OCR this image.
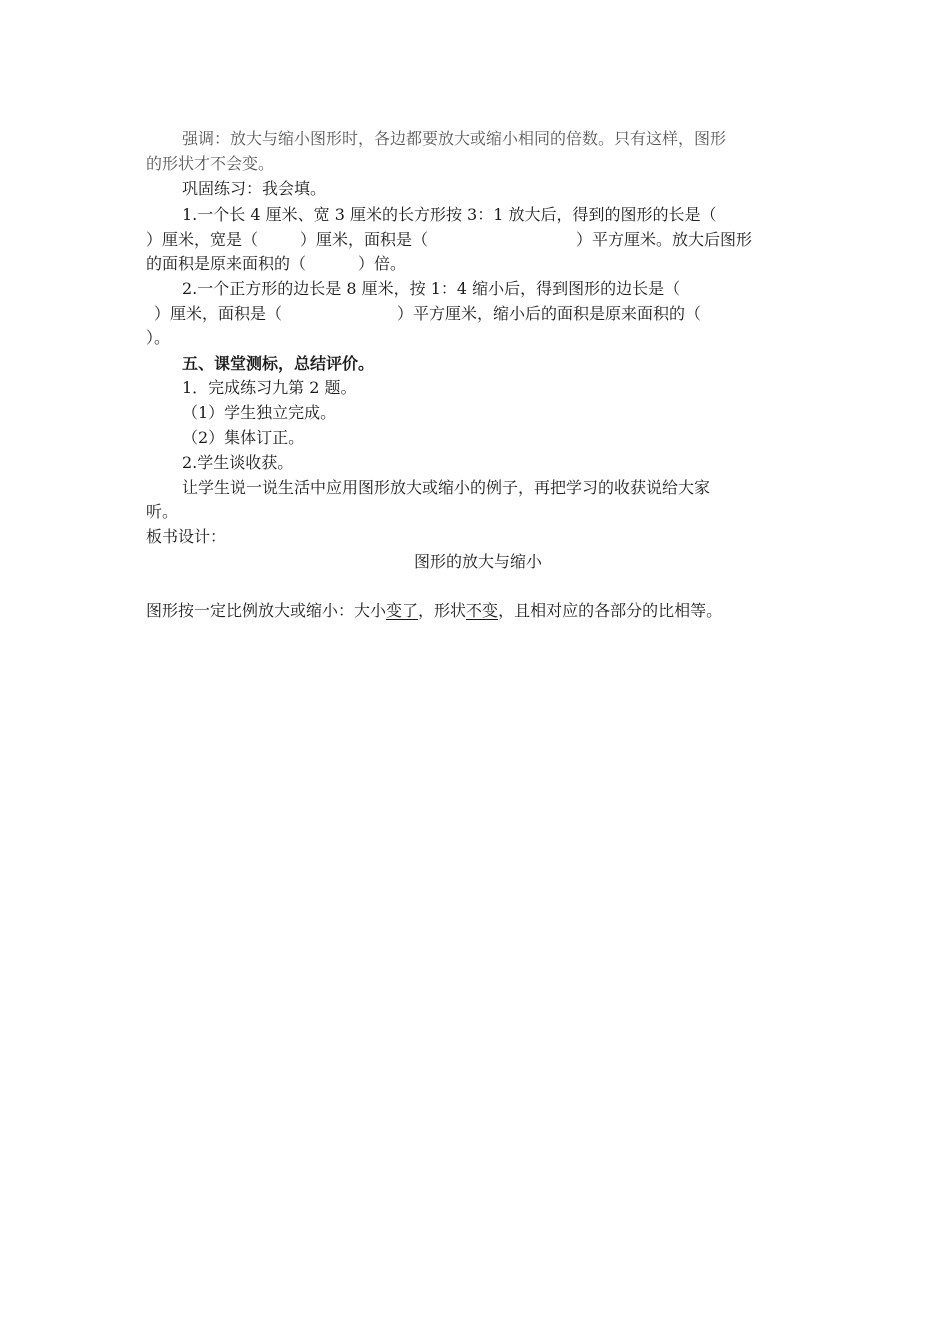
强调：放大与缩小图形时，各边都要放大或缩小相同的倍数。只有这样，图形
的形状才不会变。
巩固练习：我会填。
1.一个长 4 厘米、宽 3 厘米的长方形按 3：1 放大后，得到的图形的长是（
）厘米，宽是（	）厘米，面积是（	）平方厘米。放大后图形
的面积是原来面积的（	）倍。
2.一个正方形的边长是 8 厘米，按 1：4 缩小后，得到图形的边长是（
）厘米，面积是（	）平方厘米，缩小后的面积是原来面积的（
）。
五、课堂测标，总结评价。
1．完成练习九第 2 题。
（1）学生独立完成。
（2）集体订正。
2.学生谈收获。
让学生说一说生活中应用图形放大或缩小的例子，再把学习的收获说给大家
听。
板书设计：
图形的放大与缩小
图形按一定比例放大或缩小：大小变了，形状不变，且相对应的各部分的比相等。
